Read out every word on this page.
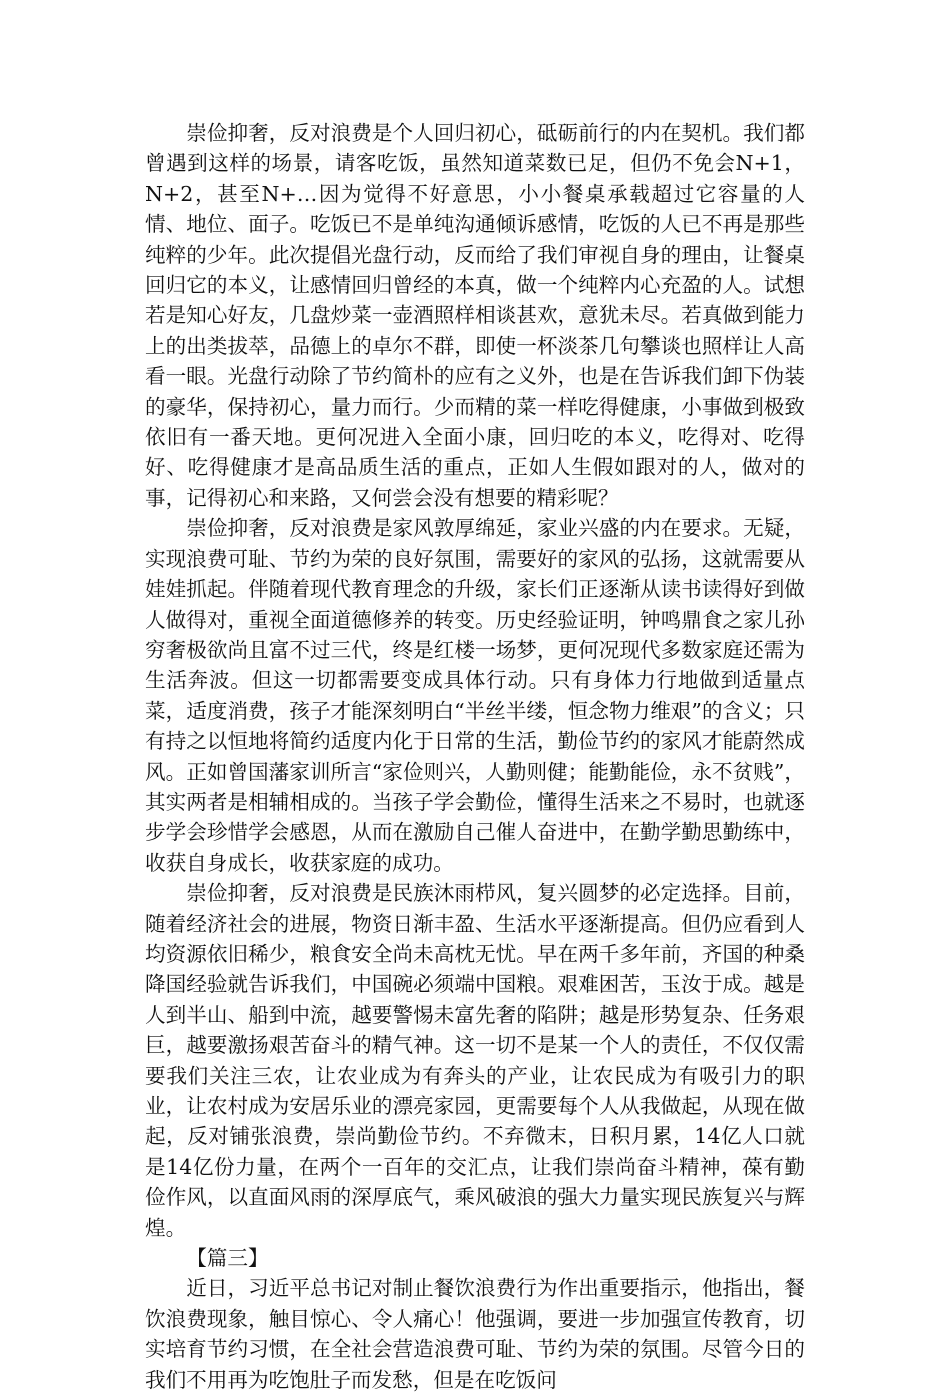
崇俭抑奢，反对浪费是个人回归初心，砥砺前行的内在契机。我们都曾遇到这样的场景，请客吃饭，虽然知道菜数已足，但仍不免会N+1，N+2，甚至N+…因为觉得不好意思，小小餐桌承载超过它容量的人情、地位、面子。吃饭已不是单纯沟通倾诉感情，吃饭的人已不再是那些纯粹的少年。此次提倡光盘行动，反而给了我们审视自身的理由，让餐桌回归它的本义，让感情回归曾经的本真，做一个纯粹内心充盈的人。试想若是知心好友，几盘炒菜一壶酒照样相谈甚欢，意犹未尽。若真做到能力上的出类拔萃，品德上的卓尔不群，即使一杯淡茶几句攀谈也照样让人高看一眼。光盘行动除了节约简朴的应有之义外，也是在告诉我们卸下伪装的豪华，保持初心，量力而行。少而精的菜一样吃得健康，小事做到极致依旧有一番天地。更何况进入全面小康，回归吃的本义，吃得对、吃得好、吃得健康才是高品质生活的重点，正如人生假如跟对的人，做对的事，记得初心和来路，又何尝会没有想要的精彩呢？

崇俭抑奢，反对浪费是家风敦厚绵延，家业兴盛的内在要求。无疑，实现浪费可耻、节约为荣的良好氛围，需要好的家风的弘扬，这就需要从娃娃抓起。伴随着现代教育理念的升级，家长们正逐渐从读书读得好到做人做得对，重视全面道德修养的转变。历史经验证明，钟鸣鼎食之家儿孙穷奢极欲尚且富不过三代，终是红楼一场梦，更何况现代多数家庭还需为生活奔波。但这一切都需要变成具体行动。只有身体力行地做到适量点菜，适度消费，孩子才能深刻明白“半丝半缕，恒念物力维艰”的含义；只有持之以恒地将简约适度内化于日常的生活，勤俭节约的家风才能蔚然成风。正如曾国藩家训所言“家俭则兴，人勤则健；能勤能俭，永不贫贱”，其实两者是相辅相成的。当孩子学会勤俭，懂得生活来之不易时，也就逐步学会珍惜学会感恩，从而在激励自己催人奋进中，在勤学勤思勤练中，收获自身成长，收获家庭的成功。

崇俭抑奢，反对浪费是民族沐雨栉风，复兴圆梦的必定选择。目前，随着经济社会的进展，物资日渐丰盈、生活水平逐渐提高。但仍应看到人均资源依旧稀少，粮食安全尚未高枕无忧。早在两千多年前，齐国的种桑降国经验就告诉我们，中国碗必须端中国粮。艰难困苦，玉汝于成。越是人到半山、船到中流，越要警惕未富先奢的陷阱；越是形势复杂、任务艰巨，越要激扬艰苦奋斗的精气神。这一切不是某一个人的责任，不仅仅需要我们关注三农，让农业成为有奔头的产业，让农民成为有吸引力的职业，让农村成为安居乐业的漂亮家园，更需要每个人从我做起，从现在做起，反对铺张浪费，崇尚勤俭节约。不弃微末，日积月累，14亿人口就是14亿份力量，在两个一百年的交汇点，让我们崇尚奋斗精神，葆有勤俭作风，以直面风雨的深厚底气，乘风破浪的强大力量实现民族复兴与辉煌。

【篇三】

近日，习近平总书记对制止餐饮浪费行为作出重要指示，他指出，餐饮浪费现象，触目惊心、令人痛心！他强调，要进一步加强宣传教育，切实培育节约习惯，在全社会营造浪费可耻、节约为荣的氛围。尽管今日的我们不用再为吃饱肚子而发愁，但是在吃饭问
